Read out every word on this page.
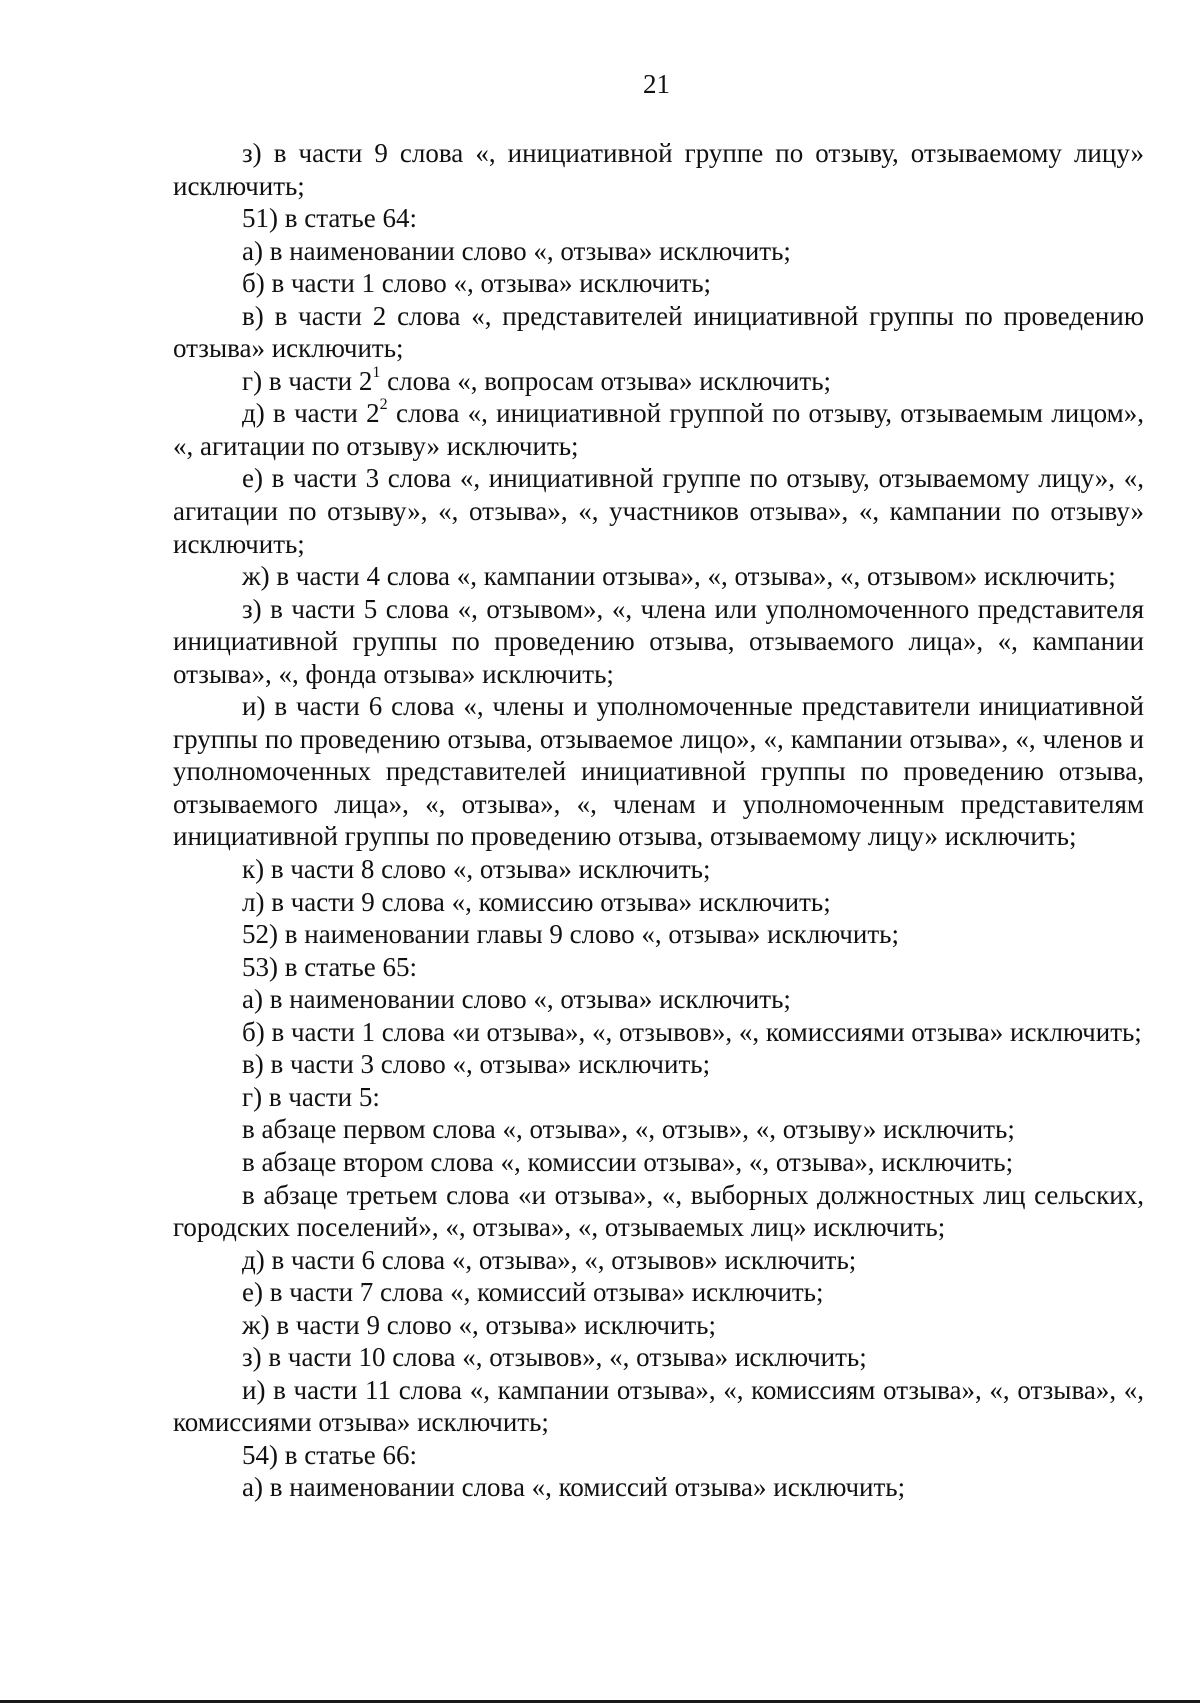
21

з) в части 9 слова «, инициативной группе по отзыву, отзываемому лицу» исключить;

51) в статье 64:

а) в наименовании слово «, отзыва» исключить;

б) в части 1 слово «, отзыва» исключить;

в) в части 2 слова «, представителей инициативной группы по проведению отзыва» исключить;

г) в части $2^1$ слова «, вопросам отзыва» исключить;

д) в части $2^2$ слова «, инициативной группой по отзыву, отзываемым лицом», «, агитации по отзыву» исключить;

е) в части 3 слова «, инициативной группе по отзыву, отзываемому лицу», «, агитации по отзыву», «, отзыва», «, участников отзыва», «, кампании по отзыву» исключить;

ж) в части 4 слова «, кампании отзыва», «, отзыва», «, отзывом» исключить;

з) в части 5 слова «, отзывом», «, члена или уполномоченного представителя инициативной группы по проведению отзыва, отзываемого лица», «, кампании отзыва», «, фонда отзыва» исключить;

и) в части 6 слова «, члены и уполномоченные представители инициативной группы по проведению отзыва, отзываемое лицо», «, кампании отзыва», «, членов и уполномоченных представителей инициативной группы по проведению отзыва, отзываемого лица», «, отзыва», «, членам и уполномоченным представителям инициативной группы по проведению отзыва, отзываемому лицу» исключить;

к) в части 8 слово «, отзыва» исключить;

л) в части 9 слова «, комиссию отзыва» исключить;

52) в наименовании главы 9 слово «, отзыва» исключить;

53) в статье 65:

а) в наименовании слово «, отзыва» исключить;

б) в части 1 слова «и отзыва», «, отзывов», «, комиссиями отзыва» исключить;

в) в части 3 слово «, отзыва» исключить;

г) в части 5:

в абзаце первом слова «, отзыва», «, отзыв», «, отзыву» исключить;

в абзаце втором слова «, комиссии отзыва», «, отзыва», исключить;

в абзаце третьем слова «и отзыва», «, выборных должностных лиц сельских, городских поселений», «, отзыва», «, отзываемых лиц» исключить;

д) в части 6 слова «, отзыва», «, отзывов» исключить;

е) в части 7 слова «, комиссий отзыва» исключить;

ж) в части 9 слово «, отзыва» исключить;

з) в части 10 слова «, отзывов», «, отзыва» исключить;

и) в части 11 слова «, кампании отзыва», «, комиссиям отзыва», «, отзыва», «, комиссиями отзыва» исключить;

54) в статье 66:

а) в наименовании слова «, комиссий отзыва» исключить;
